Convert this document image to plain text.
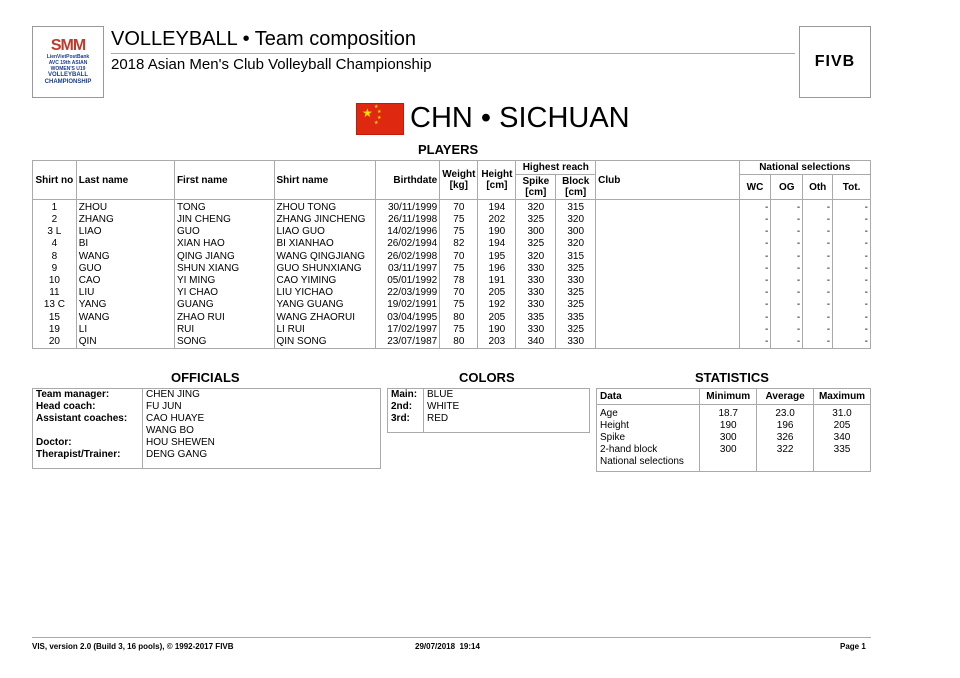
SMM
LienVietPostBank
AVC 19th ASIAN WOMEN'S U19
VOLLEYBALL CHAMPIONSHIP
VOLLEYBALL • Team composition
2018 Asian Men's Club Volleyball Championship	FIVB
★ ★
★
★
★ CHN • SICHUAN
PLAYERS
Shirt no	Last name	First name	Shirt name	Birthdate	Weight [kg]	Height [cm]	Highest reach		Club	National selections			
							Spike [cm]	Block [cm]		WC	OG	Oth	Tot.
1	ZHOU	TONG	ZHOU TONG	30/11/1999	70	194	320	315		-	-	-	-
2	ZHANG	JIN CHENG	ZHANG JINCHENG	26/11/1998	75	202	325	320		-	-	-	-
3 L	LIAO	GUO	LIAO GUO	14/02/1996	75	190	300	300		-	-	-	-
4	BI	XIAN HAO	BI XIANHAO	26/02/1994	82	194	325	320		-	-	-	-
8	WANG	QING JIANG	WANG QINGJIANG	26/02/1998	70	195	320	315		-	-	-	-
9	GUO	SHUN XIANG	GUO SHUNXIANG	03/11/1997	75	196	330	325		-	-	-	-
10	CAO	YI MING	CAO YIMING	05/01/1992	78	191	330	330		-	-	-	-
11	LIU	YI CHAO	LIU YICHAO	22/03/1999	70	205	330	325		-	-	-	-
13 C	YANG	GUANG	YANG GUANG	19/02/1991	75	192	330	325		-	-	-	-
15	WANG	ZHAO RUI	WANG ZHAORUI	03/04/1995	80	205	335	335		-	-	-	-
19	LI	RUI	LI RUI	17/02/1997	75	190	330	325		-	-	-	-
20	QIN	SONG	QIN SONG	23/07/1987	80	203	340	330		-	-	-	-
OFFICIALS	COLORS	STATISTICS
Team manager:	CHEN JING
Head coach:	FU JUN
Assistant coaches:	CAO HUAYE
	WANG BO
Doctor:	HOU SHEWEN
Therapist/Trainer:	DENG GANG

Main:	BLUE
2nd:	WHITE
3rd:	RED

Data	Minimum	Average	Maximum
Age	18.7	23.0	31.0
Height	190	196	205
Spike	300	326	340
2-hand block	300	322	335
National selections			
VIS, version 2.0 (Build 3, 16 pools), © 1992-2017 FIVB	29/07/2018  19:14	Page 1
